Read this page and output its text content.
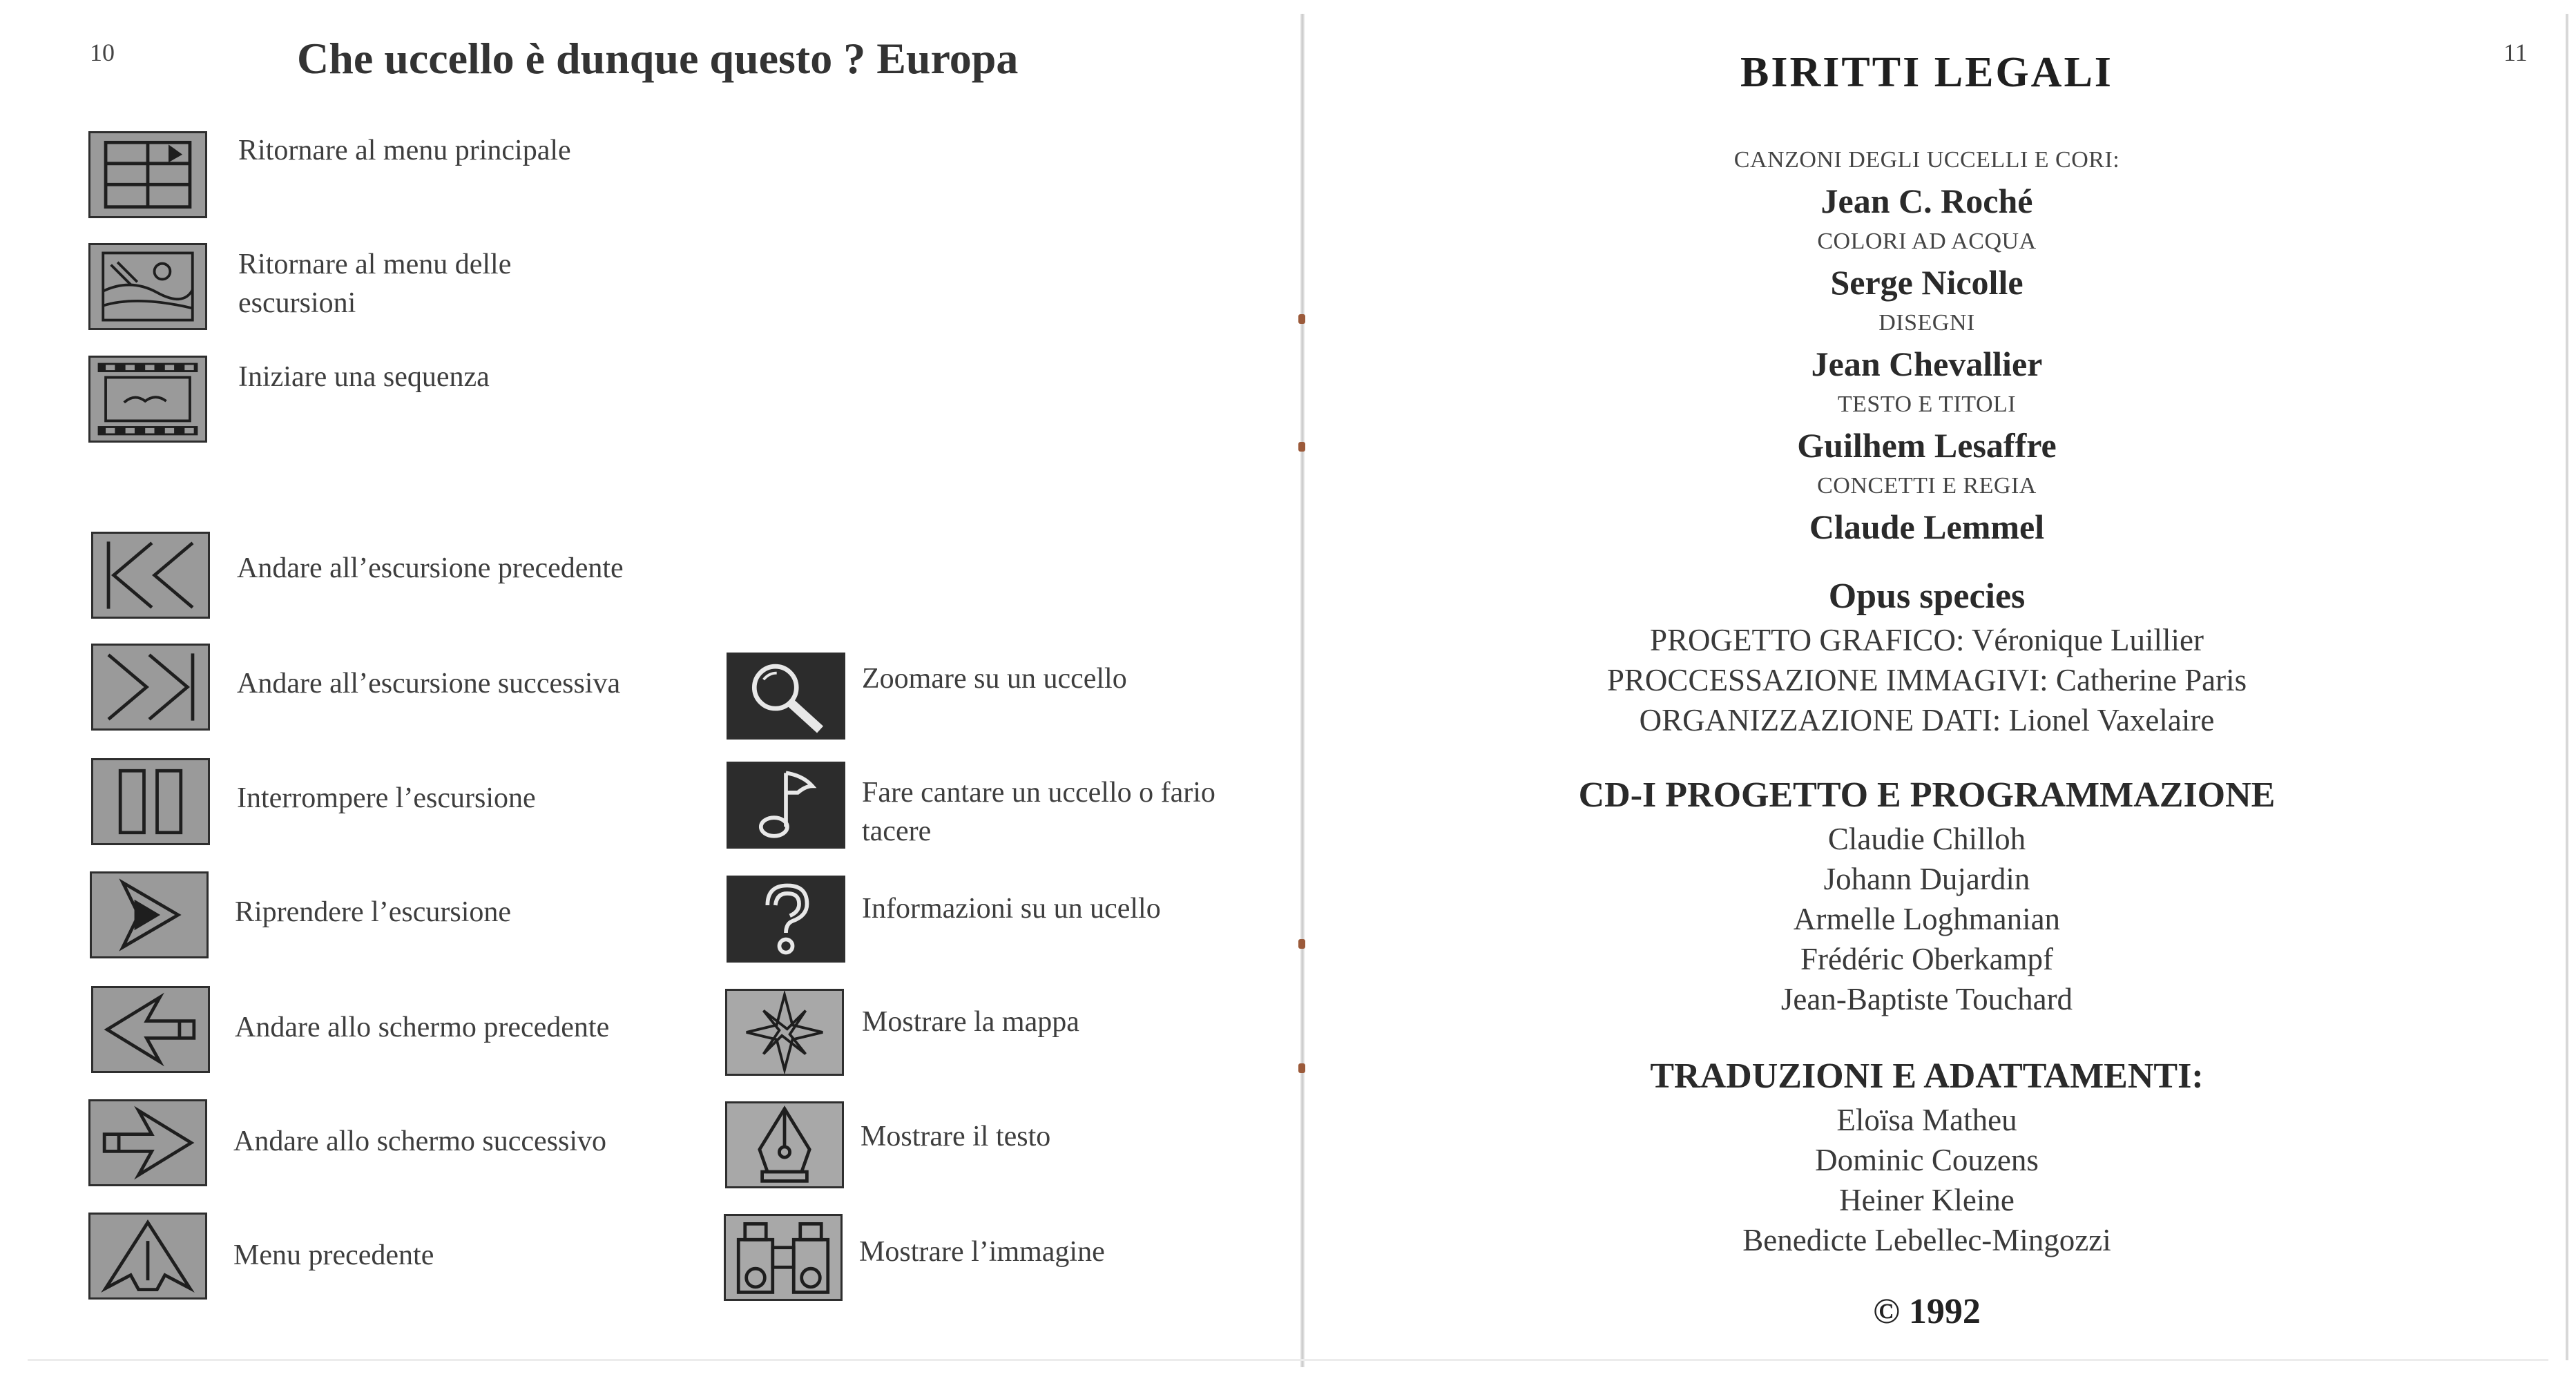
10	Che uccello è dunque questo ? Europa
Ritornare al menu principale
Ritornare al menu delle escursioni
Iniziare una sequenza
Andare all’escursione precedente
Andare all’escursione successiva
Interrompere l’escursione
Riprendere l’escursione
Andare allo schermo precedente
Andare allo schermo successivo
Menu precedente
Zoomare su un uccello
Fare cantare un uccello o fario tacere
Informazioni su un ucello
Mostrare la mappa
Mostrare il testo
Mostrare l’immagine
11
BIRITTI LEGALI
CANZONI DEGLI UCCELLI E CORI:
Jean C. Roché
COLORI AD ACQUA
Serge Nicolle
DISEGNI
Jean Chevallier
TESTO E TITOLI
Guilhem Lesaffre
CONCETTI E REGIA
Claude Lemmel
Opus species
PROGETTO GRAFICO: Véronique Luillier
PROCCESSAZIONE IMMAGIVI: Catherine Paris
ORGANIZZAZIONE DATI: Lionel Vaxelaire
CD-I PROGETTO E PROGRAMMAZIONE
Claudie Chilloh
Johann Dujardin
Armelle Loghmanian
Frédéric Oberkampf
Jean-Baptiste Touchard
TRADUZIONI E ADATTAMENTI:
Eloïsa Matheu
Dominic Couzens
Heiner Kleine
Benedicte Lebellec-Mingozzi
© 1992
